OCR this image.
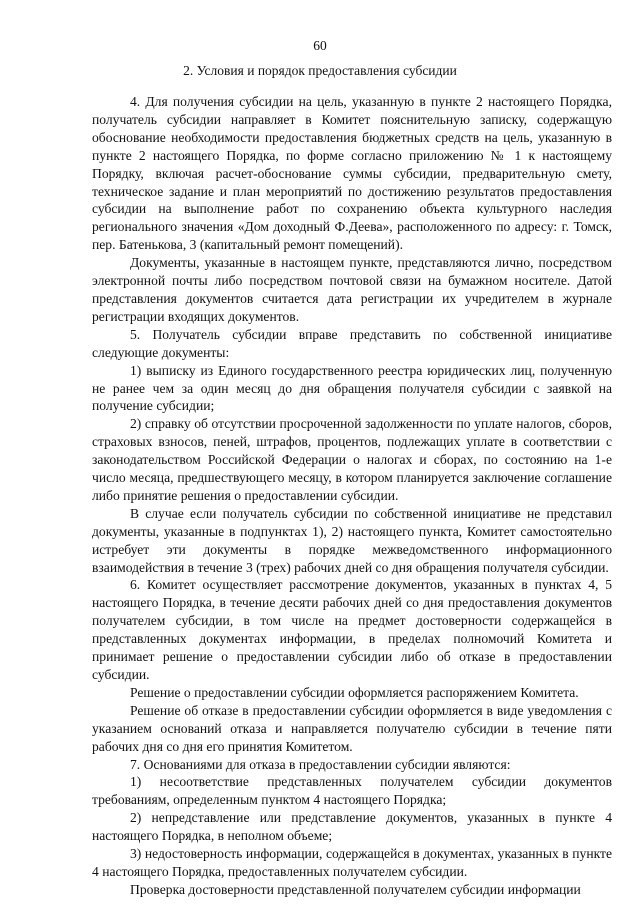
60
2. Условия и порядок предоставления субсидии

4. Для получения субсидии на цель, указанную в пункте 2 настоящего Порядка, получатель субсидии направляет в Комитет пояснительную записку, содержащую обоснование необходимости предоставления бюджетных средств на цель, указанную в пункте 2 настоящего Порядка, по форме согласно приложению № 1 к настоящему Порядку, включая расчет-обоснование суммы субсидии, предварительную смету, техническое задание и план мероприятий по достижению результатов предоставления субсидии на выполнение работ по сохранению объекта культурного наследия регионального значения «Дом доходный Ф.Деева», расположенного по адресу: г. Томск, пер. Батенькова, 3 (капитальный ремонт помещений).

Документы, указанные в настоящем пункте, представляются лично, посредством электронной почты либо посредством почтовой связи на бумажном носителе. Датой представления документов считается дата регистрации их учредителем в журнале регистрации входящих документов.

5. Получатель субсидии вправе представить по собственной инициативе следующие документы:

1) выписку из Единого государственного реестра юридических лиц, полученную не ранее чем за один месяц до дня обращения получателя субсидии с заявкой на получение субсидии;

2) справку об отсутствии просроченной задолженности по уплате налогов, сборов, страховых взносов, пеней, штрафов, процентов, подлежащих уплате в соответствии с законодательством Российской Федерации о налогах и сборах, по состоянию на 1-е число месяца, предшествующего месяцу, в котором планируется заключение соглашение либо принятие решения о предоставлении субсидии.

В случае если получатель субсидии по собственной инициативе не представил документы, указанные в подпунктах 1), 2) настоящего пункта, Комитет самостоятельно истребует эти документы в порядке межведомственного информационного взаимодействия в течение 3 (трех) рабочих дней со дня обращения получателя субсидии.

6. Комитет осуществляет рассмотрение документов, указанных в пунктах 4, 5 настоящего Порядка, в течение десяти рабочих дней со дня предоставления документов получателем субсидии, в том числе на предмет достоверности содержащейся в представленных документах информации, в пределах полномочий Комитета и принимает решение о предоставлении субсидии либо об отказе в предоставлении субсидии.

Решение о предоставлении субсидии оформляется распоряжением Комитета.

Решение об отказе в предоставлении субсидии оформляется в виде уведомления с указанием оснований отказа и направляется получателю субсидии в течение пяти рабочих дня со дня его принятия Комитетом.

7. Основаниями для отказа в предоставлении субсидии являются:

1) несоответствие представленных получателем субсидии документов требованиям, определенным пунктом 4 настоящего Порядка;

2) непредставление или представление документов, указанных в пункте 4 настоящего Порядка, в неполном объеме;

3) недостоверность информации, содержащейся в документах, указанных в пункте 4 настоящего Порядка, предоставленных получателем субсидии.

Проверка достоверности представленной получателем субсидии информации
